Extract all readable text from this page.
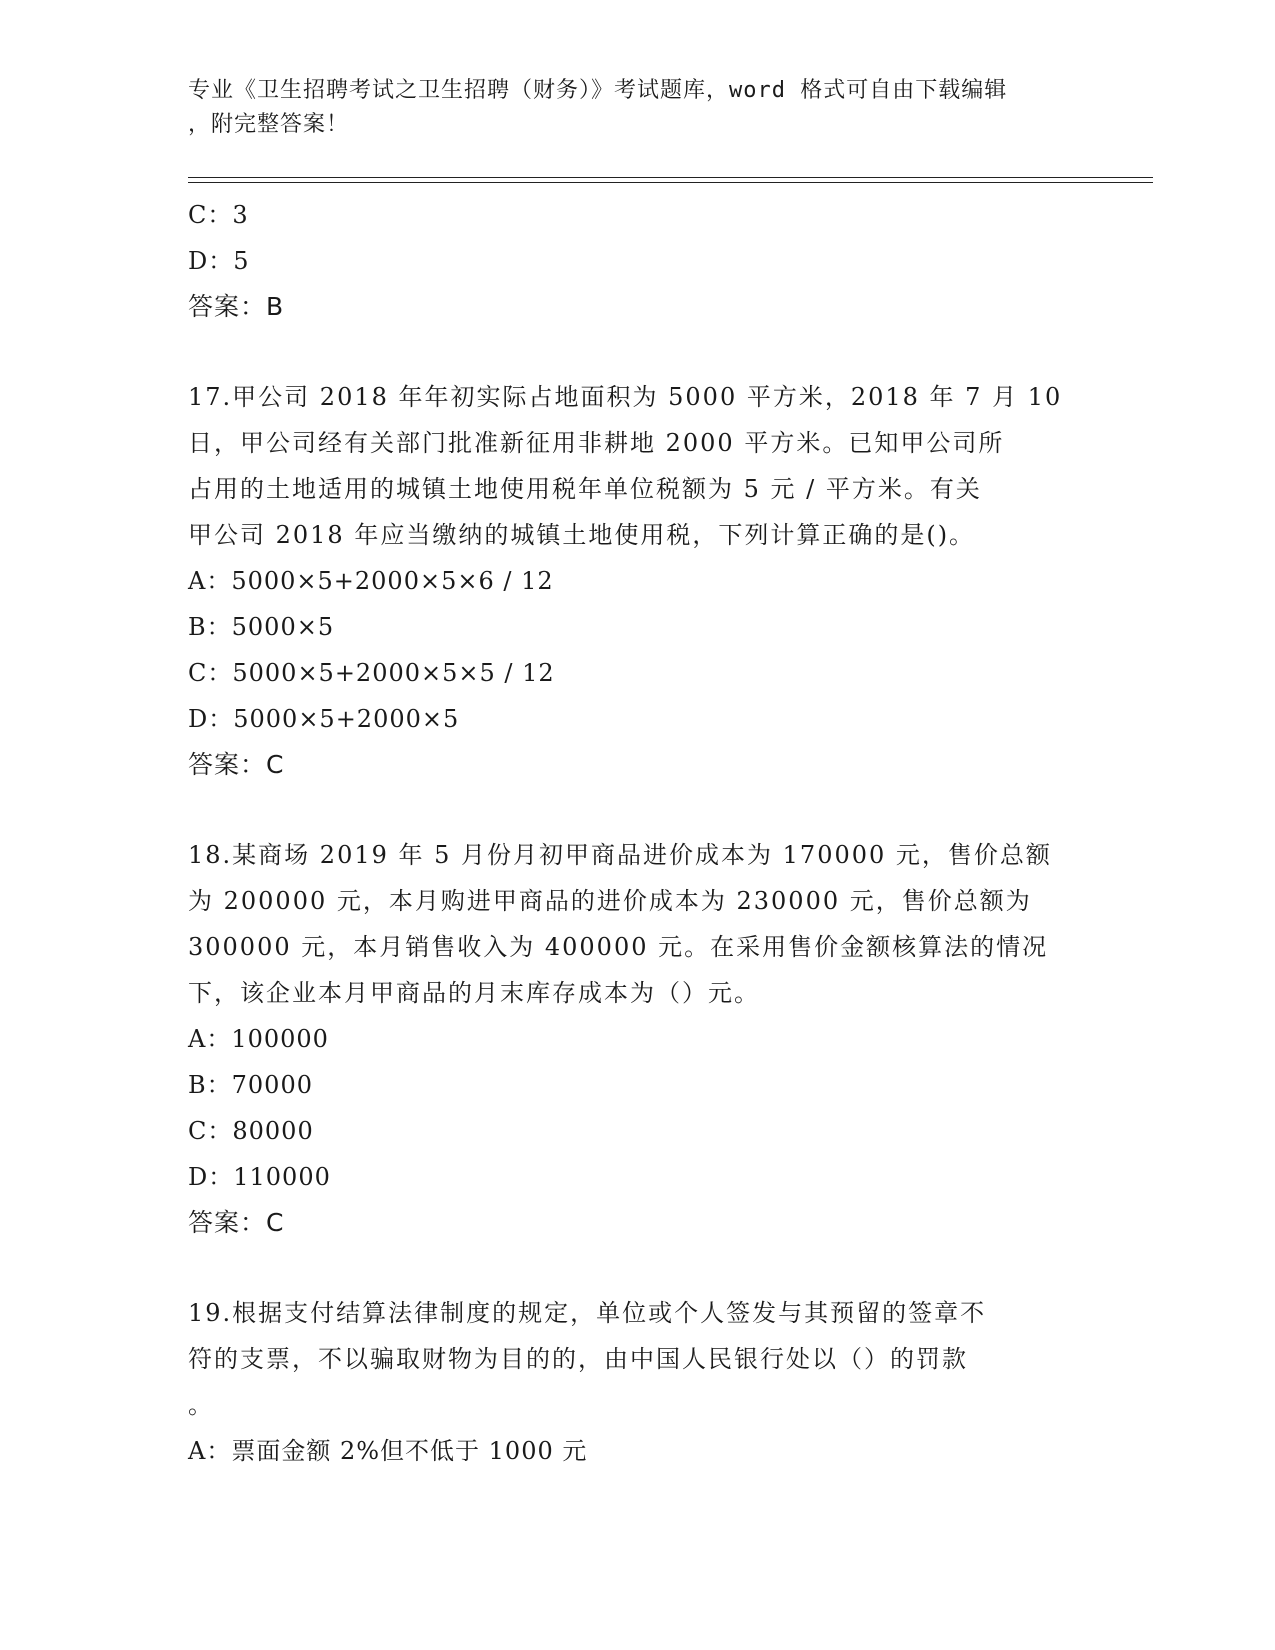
专业《卫生招聘考试之卫生招聘（财务）》考试题库，word 格式可自由下载编辑
，附完整答案！
C：3
D：5
答案：B
17.甲公司 2018 年年初实际占地面积为 5000 平方米，2018 年 7 月 10
日，甲公司经有关部门批准新征用非耕地 2000 平方米。已知甲公司所
占用的土地适用的城镇土地使用税年单位税额为 5 元 / 平方米。有关
甲公司 2018 年应当缴纳的城镇土地使用税，下列计算正确的是()。
A：5000×5+2000×5×6 / 12
B：5000×5
C：5000×5+2000×5×5 / 12
D：5000×5+2000×5
答案：C
18.某商场 2019 年 5 月份月初甲商品进价成本为 170000 元，售价总额
为 200000 元，本月购进甲商品的进价成本为 230000 元，售价总额为
300000 元，本月销售收入为 400000 元。在采用售价金额核算法的情况
下，该企业本月甲商品的月末库存成本为（）元。
A：100000
B：70000
C：80000
D：110000
答案：C
19.根据支付结算法律制度的规定，单位或个人签发与其预留的签章不
符的支票，不以骗取财物为目的的，由中国人民银行处以（）的罚款
。
A：票面金额 2%但不低于 1000 元
